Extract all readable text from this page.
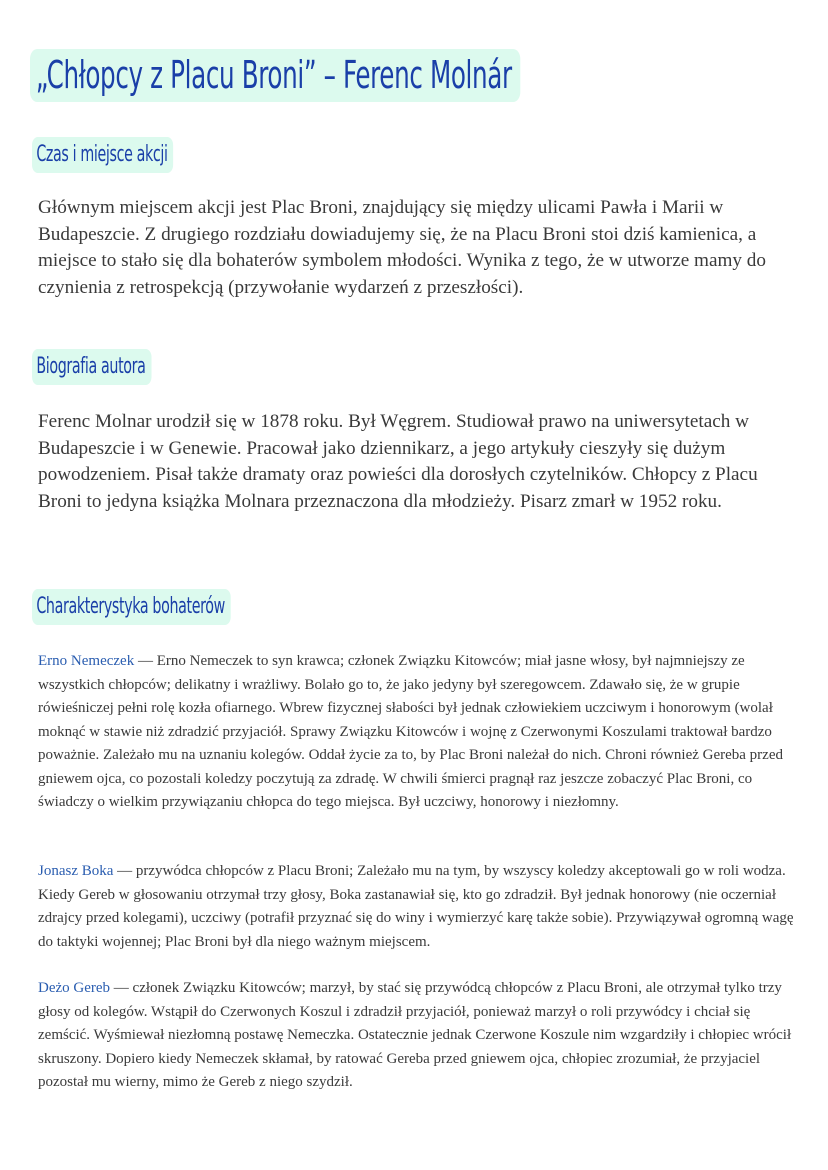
„Chłopcy z Placu Broni” – Ferenc Molnár
Czas i miejsce akcji

Głównym miejscem akcji jest Plac Broni, znajdujący się między ulicami Pawła i Marii w Budapeszcie. Z drugiego rozdziału dowiadujemy się, że na Placu Broni stoi dziś kamienica, a miejsce to stało się dla bohaterów symbolem młodości. Wynika z tego, że w utworze mamy do czynienia z retrospekcją (przywołanie wydarzeń z przeszłości).

Biografia autora

Ferenc Molnar urodził się w 1878 roku. Był Węgrem. Studiował prawo na uniwersytetach w Budapeszcie i w Genewie. Pracował jako dziennikarz, a jego artykuły cieszyły się dużym powodzeniem. Pisał także dramaty oraz powieści dla dorosłych czytelników. Chłopcy z Placu Broni to jedyna książka Molnara przeznaczona dla młodzieży. Pisarz zmarł w 1952 roku.

Charakterystyka bohaterów

Erno Nemeczek — Erno Nemeczek to syn krawca; członek Związku Kitowców; miał jasne włosy, był najmniejszy ze wszystkich chłopców; delikatny i wrażliwy. Bolało go to, że jako jedyny był szeregowcem. Zdawało się, że w grupie rówieśniczej pełni rolę kozła ofiarnego. Wbrew fizycznej słabości był jednak człowiekiem uczciwym i honorowym (wolał moknąć w stawie niż zdradzić przyjaciół. Sprawy Związku Kitowców i wojnę z Czerwonymi Koszulami traktował bardzo poważnie. Zależało mu na uznaniu kolegów. Oddał życie za to, by Plac Broni należał do nich. Chroni również Gereba przed gniewem ojca, co pozostali koledzy poczytują za zdradę. W chwili śmierci pragnął raz jeszcze zobaczyć Plac Broni, co świadczy o wielkim przywiązaniu chłopca do tego miejsca. Był uczciwy, honorowy i niezłomny.

Jonasz Boka — przywódca chłopców z Placu Broni; Zależało mu na tym, by wszyscy koledzy akceptowali go w roli wodza. Kiedy Gereb w głosowaniu otrzymał trzy głosy, Boka zastanawiał się, kto go zdradził. Był jednak honorowy (nie oczerniał zdrajcy przed kolegami), uczciwy (potrafił przyznać się do winy i wymierzyć karę także sobie). Przywiązywał ogromną wagę do taktyki wojennej; Plac Broni był dla niego ważnym miejscem.

Deżo Gereb — członek Związku Kitowców; marzył, by stać się przywódcą chłopców z Placu Broni, ale otrzymał tylko trzy głosy od kolegów. Wstąpił do Czerwonych Koszul i zdradził przyjaciół, ponieważ marzył o roli przywódcy i chciał się zemścić. Wyśmiewał niezłomną postawę Nemeczka. Ostatecznie jednak Czerwone Koszule nim wzgardziły i chłopiec wrócił skruszony. Dopiero kiedy Nemeczek skłamał, by ratować Gereba przed gniewem ojca, chłopiec zrozumiał, że przyjaciel pozostał mu wierny, mimo że Gereb z niego szydził.
